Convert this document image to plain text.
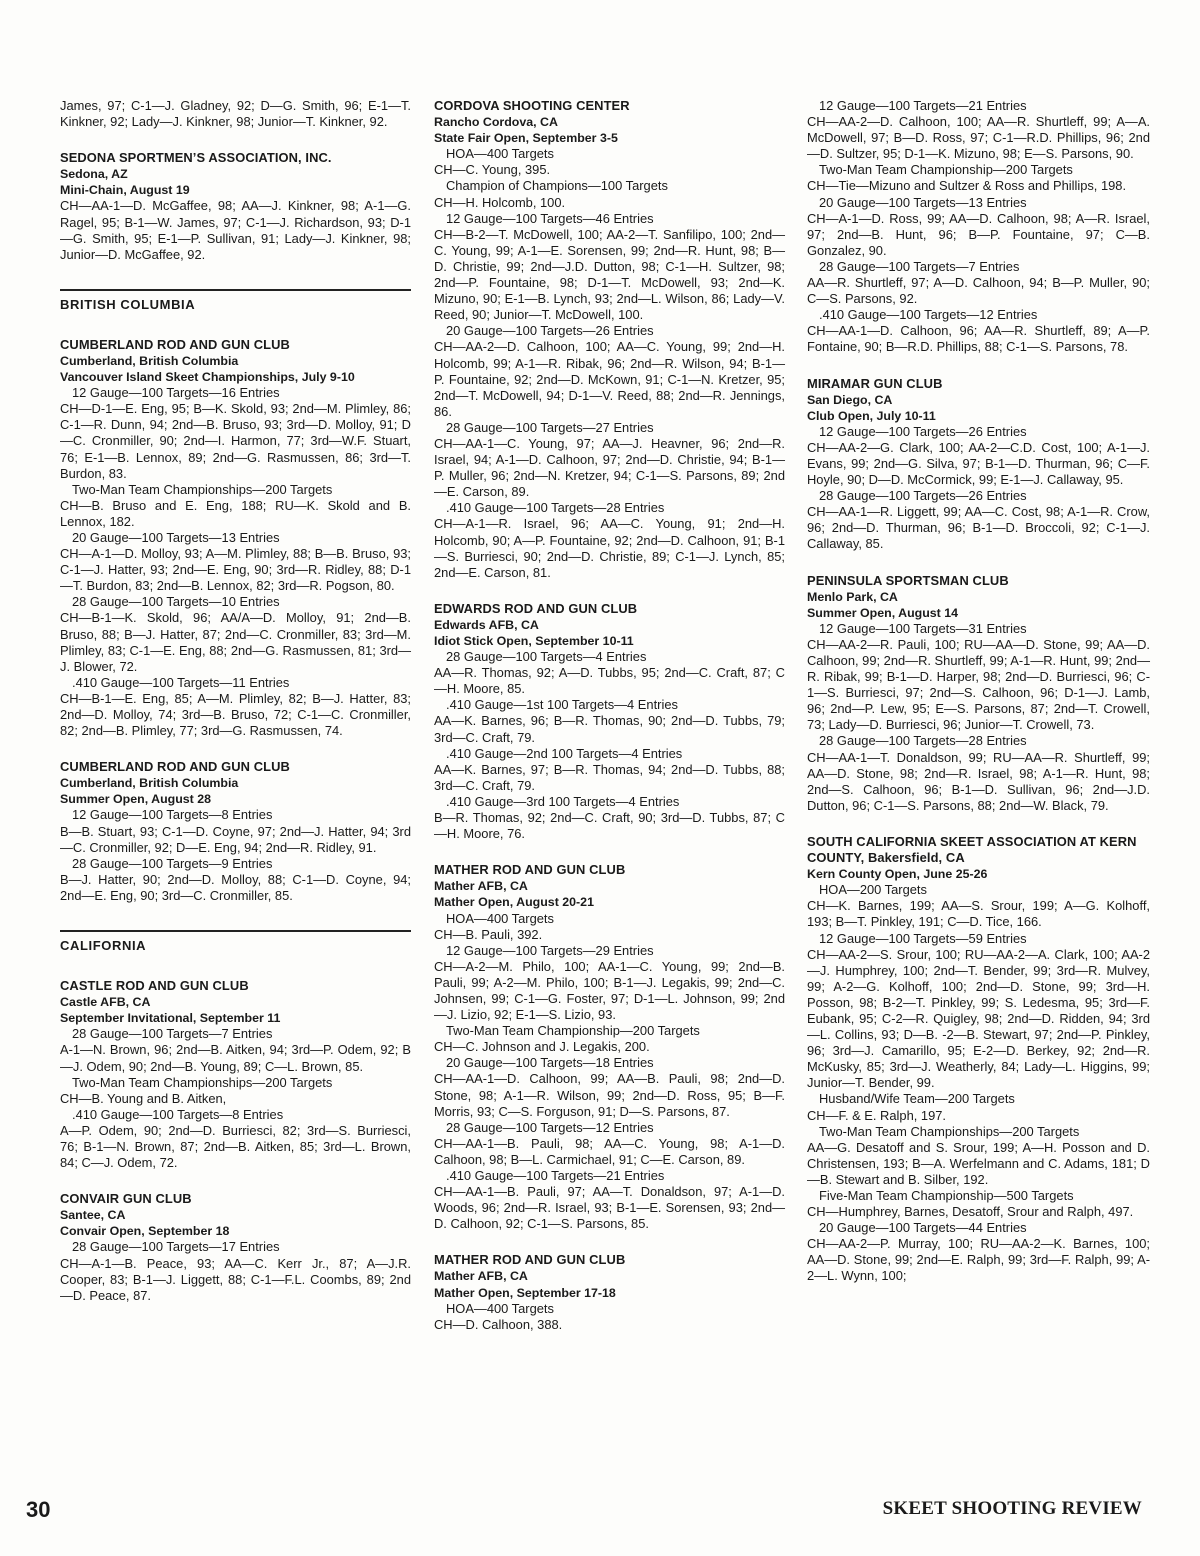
James, 97; C-1—J. Gladney, 92; D—G. Smith, 96; E-1—T. Kinkner, 92; Lady—J. Kinkner, 98; Junior—T. Kinkner, 92.

SEDONA SPORTMEN’S ASSOCIATION, INC.

Sedona, AZ

Mini-Chain, August 19

CH—AA-1—D. McGaffee, 98; AA—J. Kinkner, 98; A-1—G. Ragel, 95; B-1—W. James, 97; C-1—J. Richardson, 93; D-1—G. Smith, 95; E-1—P. Sullivan, 91; Lady—J. Kinkner, 98; Junior—D. McGaffee, 92.

BRITISH COLUMBIA

CUMBERLAND ROD AND GUN CLUB

Cumberland, British Columbia

Vancouver Island Skeet Championships, July 9-10

12 Gauge—100 Targets—16 Entries

CH—D-1—E. Eng, 95; B—K. Skold, 93; 2nd—M. Plimley, 86; C-1—R. Dunn, 94; 2nd—B. Bruso, 93; 3rd—D. Molloy, 91; D—C. Cronmiller, 90; 2nd—I. Harmon, 77; 3rd—W.F. Stuart, 76; E-1—B. Lennox, 89; 2nd—G. Rasmussen, 86; 3rd—T. Burdon, 83.

Two-Man Team Championships—200 Targets

CH—B. Bruso and E. Eng, 188; RU—K. Skold and B. Lennox, 182.

20 Gauge—100 Targets—13 Entries

CH—A-1—D. Molloy, 93; A—M. Plimley, 88; B—B. Bruso, 93; C-1—J. Hatter, 93; 2nd—E. Eng, 90; 3rd—R. Ridley, 88; D-1—T. Burdon, 83; 2nd—B. Lennox, 82; 3rd—R. Pogson, 80.

28 Gauge—100 Targets—10 Entries

CH—B-1—K. Skold, 96; AA/A—D. Molloy, 91; 2nd—B. Bruso, 88; B—J. Hatter, 87; 2nd—C. Cronmiller, 83; 3rd—M. Plimley, 83; C-1—E. Eng, 88; 2nd—G. Rasmussen, 81; 3rd—J. Blower, 72.

.410 Gauge—100 Targets—11 Entries

CH—B-1—E. Eng, 85; A—M. Plimley, 82; B—J. Hatter, 83; 2nd—D. Molloy, 74; 3rd—B. Bruso, 72; C-1—C. Cronmiller, 82; 2nd—B. Plimley, 77; 3rd—G. Rasmussen, 74.

CUMBERLAND ROD AND GUN CLUB

Cumberland, British Columbia

Summer Open, August 28

12 Gauge—100 Targets—8 Entries

B—B. Stuart, 93; C-1—D. Coyne, 97; 2nd—J. Hatter, 94; 3rd—C. Cronmiller, 92; D—E. Eng, 94; 2nd—R. Ridley, 91.

28 Gauge—100 Targets—9 Entries

B—J. Hatter, 90; 2nd—D. Molloy, 88; C-1—D. Coyne, 94; 2nd—E. Eng, 90; 3rd—C. Cronmiller, 85.

CALIFORNIA

CASTLE ROD AND GUN CLUB

Castle AFB, CA

September Invitational, September 11

28 Gauge—100 Targets—7 Entries

A-1—N. Brown, 96; 2nd—B. Aitken, 94; 3rd—P. Odem, 92; B—J. Odem, 90; 2nd—B. Young, 89; C—L. Brown, 85.

Two-Man Team Championships—200 Targets

CH—B. Young and B. Aitken,

.410 Gauge—100 Targets—8 Entries

A—P. Odem, 90; 2nd—D. Burriesci, 82; 3rd—S. Burriesci, 76; B-1—N. Brown, 87; 2nd—B. Aitken, 85; 3rd—L. Brown, 84; C—J. Odem, 72.

CONVAIR GUN CLUB

Santee, CA

Convair Open, September 18

28 Gauge—100 Targets—17 Entries

CH—A-1—B. Peace, 93; AA—C. Kerr Jr., 87; A—J.R. Cooper, 83; B-1—J. Liggett, 88; C-1—F.L. Coombs, 89; 2nd—D. Peace, 87.

CORDOVA SHOOTING CENTER

Rancho Cordova, CA

State Fair Open, September 3-5

HOA—400 Targets

CH—C. Young, 395.

Champion of Champions—100 Targets

CH—H. Holcomb, 100.

12 Gauge—100 Targets—46 Entries

CH—B-2—T. McDowell, 100; AA-2—T. Sanfilipo, 100; 2nd—C. Young, 99; A-1—E. Sorensen, 99; 2nd—R. Hunt, 98; B—D. Christie, 99; 2nd—J.D. Dutton, 98; C-1—H. Sultzer, 98; 2nd—P. Fountaine, 98; D-1—T. McDowell, 93; 2nd—K. Mizuno, 90; E-1—B. Lynch, 93; 2nd—L. Wilson, 86; Lady—V. Reed, 90; Junior—T. McDowell, 100.

20 Gauge—100 Targets—26 Entries

CH—AA-2—D. Calhoon, 100; AA—C. Young, 99; 2nd—H. Holcomb, 99; A-1—R. Ribak, 96; 2nd—R. Wilson, 94; B-1—P. Fountaine, 92; 2nd—D. McKown, 91; C-1—N. Kretzer, 95; 2nd—T. McDowell, 94; D-1—V. Reed, 88; 2nd—R. Jennings, 86.

28 Gauge—100 Targets—27 Entries

CH—AA-1—C. Young, 97; AA—J. Heavner, 96; 2nd—R. Israel, 94; A-1—D. Calhoon, 97; 2nd—D. Christie, 94; B-1—P. Muller, 96; 2nd—N. Kretzer, 94; C-1—S. Parsons, 89; 2nd—E. Carson, 89.

.410 Gauge—100 Targets—28 Entries

CH—A-1—R. Israel, 96; AA—C. Young, 91; 2nd—H. Holcomb, 90; A—P. Fountaine, 92; 2nd—D. Calhoon, 91; B-1—S. Burriesci, 90; 2nd—D. Christie, 89; C-1—J. Lynch, 85; 2nd—E. Carson, 81.

EDWARDS ROD AND GUN CLUB

Edwards AFB, CA

Idiot Stick Open, September 10-11

28 Gauge—100 Targets—4 Entries

AA—R. Thomas, 92; A—D. Tubbs, 95; 2nd—C. Craft, 87; C—H. Moore, 85.

.410 Gauge—1st 100 Targets—4 Entries

AA—K. Barnes, 96; B—R. Thomas, 90; 2nd—D. Tubbs, 79; 3rd—C. Craft, 79.

.410 Gauge—2nd 100 Targets—4 Entries

AA—K. Barnes, 97; B—R. Thomas, 94; 2nd—D. Tubbs, 88; 3rd—C. Craft, 79.

.410 Gauge—3rd 100 Targets—4 Entries

B—R. Thomas, 92; 2nd—C. Craft, 90; 3rd—D. Tubbs, 87; C—H. Moore, 76.

MATHER ROD AND GUN CLUB

Mather AFB, CA

Mather Open, August 20-21

HOA—400 Targets

CH—B. Pauli, 392.

12 Gauge—100 Targets—29 Entries

CH—A-2—M. Philo, 100; AA-1—C. Young, 99; 2nd—B. Pauli, 99; A-2—M. Philo, 100; B-1—J. Legakis, 99; 2nd—C. Johnsen, 99; C-1—G. Foster, 97; D-1—L. Johnson, 99; 2nd—J. Lizio, 92; E-1—S. Lizio, 93.

Two-Man Team Championship—200 Targets

CH—C. Johnson and J. Legakis, 200.

20 Gauge—100 Targets—18 Entries

CH—AA-1—D. Calhoon, 99; AA—B. Pauli, 98; 2nd—D. Stone, 98; A-1—R. Wilson, 99; 2nd—D. Ross, 95; B—F. Morris, 93; C—S. Forguson, 91; D—S. Parsons, 87.

28 Gauge—100 Targets—12 Entries

CH—AA-1—B. Pauli, 98; AA—C. Young, 98; A-1—D. Calhoon, 98; B—L. Carmichael, 91; C—E. Carson, 89.

.410 Gauge—100 Targets—21 Entries

CH—AA-1—B. Pauli, 97; AA—T. Donaldson, 97; A-1—D. Woods, 96; 2nd—R. Israel, 93; B-1—E. Sorensen, 93; 2nd—D. Calhoon, 92; C-1—S. Parsons, 85.

MATHER ROD AND GUN CLUB

Mather AFB, CA

Mather Open, September 17-18

HOA—400 Targets

CH—D. Calhoon, 388.

12 Gauge—100 Targets—21 Entries

CH—AA-2—D. Calhoon, 100; AA—R. Shurtleff, 99; A—A. McDowell, 97; B—D. Ross, 97; C-1—R.D. Phillips, 96; 2nd—D. Sultzer, 95; D-1—K. Mizuno, 98; E—S. Parsons, 90.

Two-Man Team Championship—200 Targets

CH—Tie—Mizuno and Sultzer & Ross and Phillips, 198.

20 Gauge—100 Targets—13 Entries

CH—A-1—D. Ross, 99; AA—D. Calhoon, 98; A—R. Israel, 97; 2nd—B. Hunt, 96; B—P. Fountaine, 97; C—B. Gonzalez, 90.

28 Gauge—100 Targets—7 Entries

AA—R. Shurtleff, 97; A—D. Calhoon, 94; B—P. Muller, 90; C—S. Parsons, 92.

.410 Gauge—100 Targets—12 Entries

CH—AA-1—D. Calhoon, 96; AA—R. Shurtleff, 89; A—P. Fontaine, 90; B—R.D. Phillips, 88; C-1—S. Parsons, 78.

MIRAMAR GUN CLUB

San Diego, CA

Club Open, July 10-11

12 Gauge—100 Targets—26 Entries

CH—AA-2—G. Clark, 100; AA-2—C.D. Cost, 100; A-1—J. Evans, 99; 2nd—G. Silva, 97; B-1—D. Thurman, 96; C—F. Hoyle, 90; D—D. McCormick, 99; E-1—J. Callaway, 95.

28 Gauge—100 Targets—26 Entries

CH—AA-1—R. Liggett, 99; AA—C. Cost, 98; A-1—R. Crow, 96; 2nd—D. Thurman, 96; B-1—D. Broccoli, 92; C-1—J. Callaway, 85.

PENINSULA SPORTSMAN CLUB

Menlo Park, CA

Summer Open, August 14

12 Gauge—100 Targets—31 Entries

CH—AA-2—R. Pauli, 100; RU—AA—D. Stone, 99; AA—D. Calhoon, 99; 2nd—R. Shurtleff, 99; A-1—R. Hunt, 99; 2nd—R. Ribak, 99; B-1—D. Harper, 98; 2nd—D. Burriesci, 96; C-1—S. Burriesci, 97; 2nd—S. Calhoon, 96; D-1—J. Lamb, 96; 2nd—P. Lew, 95; E—S. Parsons, 87; 2nd—T. Crowell, 73; Lady—D. Burriesci, 96; Junior—T. Crowell, 73.

28 Gauge—100 Targets—28 Entries

CH—AA-1—T. Donaldson, 99; RU—AA—R. Shurtleff, 99; AA—D. Stone, 98; 2nd—R. Israel, 98; A-1—R. Hunt, 98; 2nd—S. Calhoon, 96; B-1—D. Sullivan, 96; 2nd—J.D. Dutton, 96; C-1—S. Parsons, 88; 2nd—W. Black, 79.

SOUTH CALIFORNIA SKEET ASSOCIATION AT KERN COUNTY, Bakersfield, CA

Kern County Open, June 25-26

HOA—200 Targets

CH—K. Barnes, 199; AA—S. Srour, 199; A—G. Kolhoff, 193; B—T. Pinkley, 191; C—D. Tice, 166.

12 Gauge—100 Targets—59 Entries

CH—AA-2—S. Srour, 100; RU—AA-2—A. Clark, 100; AA-2—J. Humphrey, 100; 2nd—T. Bender, 99; 3rd—R. Mulvey, 99; A-2—G. Kolhoff, 100; 2nd—D. Stone, 99; 3rd—H. Posson, 98; B-2—T. Pinkley, 99; S. Ledesma, 95; 3rd—F. Eubank, 95; C-2—R. Quigley, 98; 2nd—D. Ridden, 94; 3rd—L. Collins, 93; D—B. -2—B. Stewart, 97; 2nd—P. Pinkley, 96; 3rd—J. Camarillo, 95; E-2—D. Berkey, 92; 2nd—R. McKusky, 85; 3rd—J. Weatherly, 84; Lady—L. Higgins, 99; Junior—T. Bender, 99.

Husband/Wife Team—200 Targets

CH—F. & E. Ralph, 197.

Two-Man Team Championships—200 Targets

AA—G. Desatoff and S. Srour, 199; A—H. Posson and D. Christensen, 193; B—A. Werfelmann and C. Adams, 181; D—B. Stewart and B. Silber, 192.

Five-Man Team Championship—500 Targets

CH—Humphrey, Barnes, Desatoff, Srour and Ralph, 497.

20 Gauge—100 Targets—44 Entries

CH—AA-2—P. Murray, 100; RU—AA-2—K. Barnes, 100; AA—D. Stone, 99; 2nd—E. Ralph, 99; 3rd—F. Ralph, 99; A-2—L. Wynn, 100;

30	SKEET SHOOTING REVIEW
